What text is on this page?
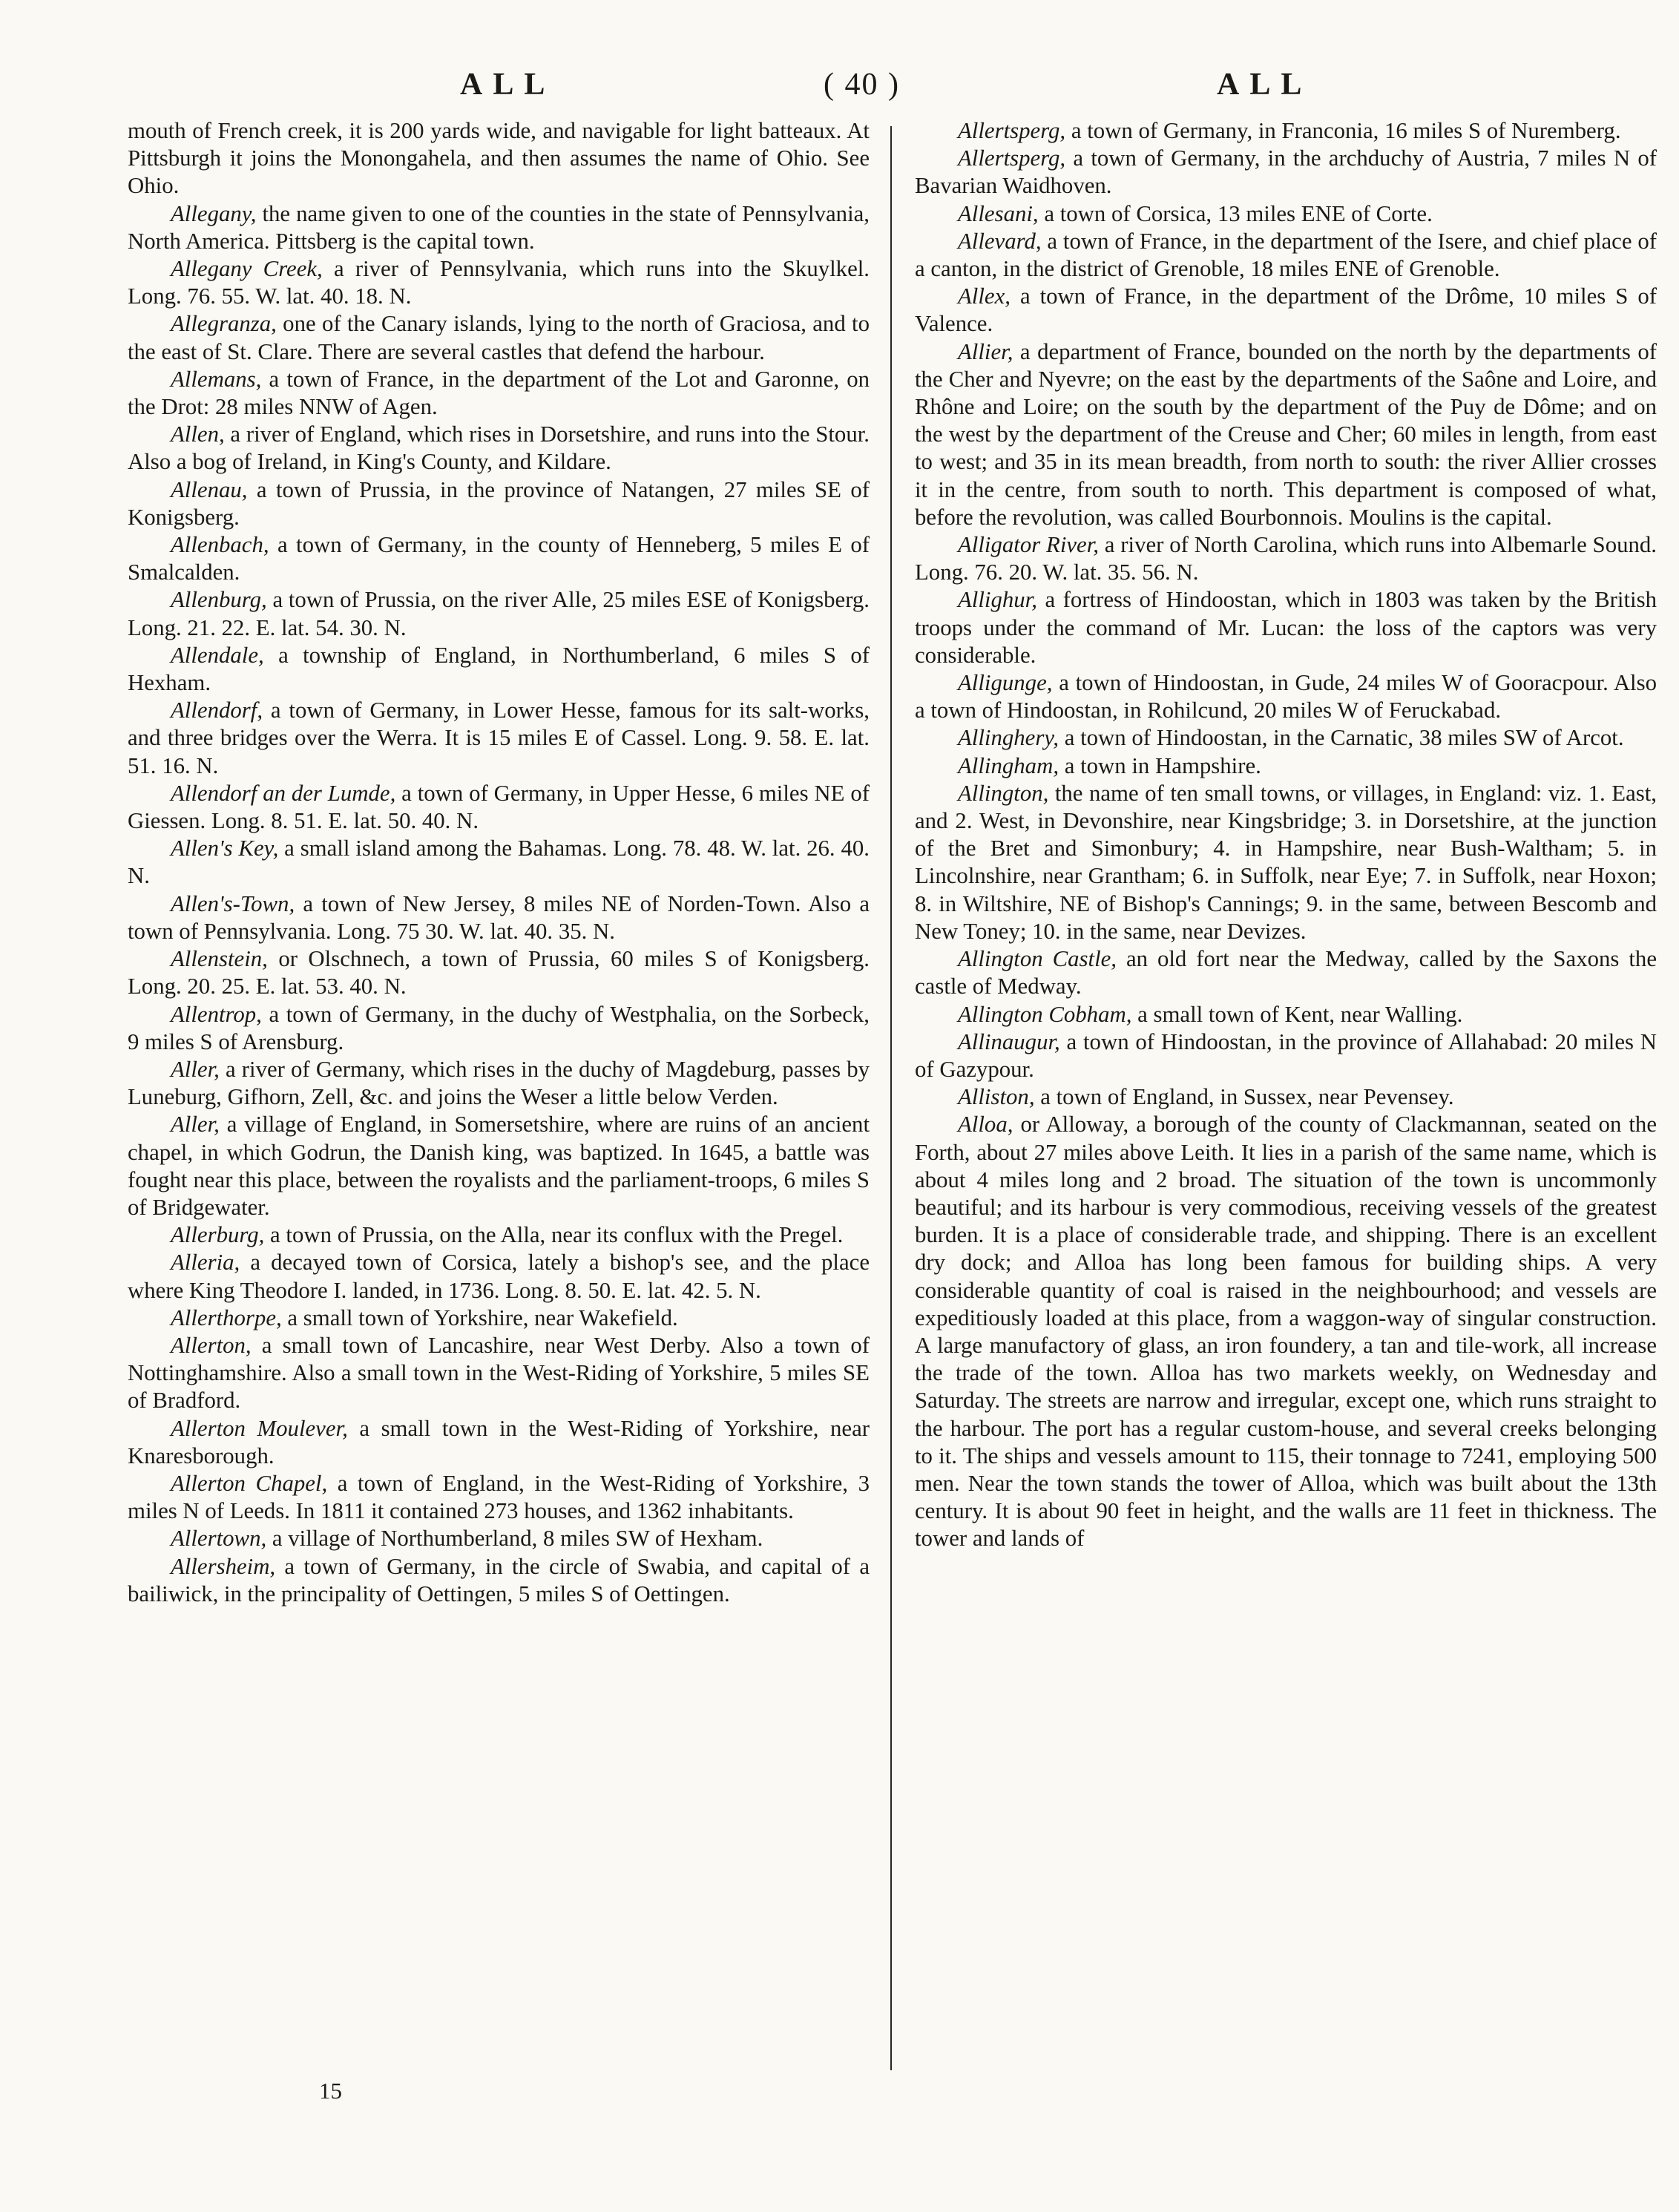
ALL	( 40 )	ALL

mouth of French creek, it is 200 yards wide, and navigable for light batteaux. At Pittsburgh it joins the Monongahela, and then assumes the name of Ohio. See Ohio.

Allegany, the name given to one of the counties in the state of Pennsylvania, North America. Pittsberg is the capital town.

Allegany Creek, a river of Pennsylvania, which runs into the Skuylkel. Long. 76. 55. W. lat. 40. 18. N.

Allegranza, one of the Canary islands, lying to the north of Graciosa, and to the east of St. Clare. There are several castles that defend the harbour.

Allemans, a town of France, in the department of the Lot and Garonne, on the Drot: 28 miles NNW of Agen.

Allen, a river of England, which rises in Dorsetshire, and runs into the Stour. Also a bog of Ireland, in King's County, and Kildare.

Allenau, a town of Prussia, in the province of Natangen, 27 miles SE of Konigsberg.

Allenbach, a town of Germany, in the county of Henneberg, 5 miles E of Smalcalden.

Allenburg, a town of Prussia, on the river Alle, 25 miles ESE of Konigsberg. Long. 21. 22. E. lat. 54. 30. N.

Allendale, a township of England, in Northumberland, 6 miles S of Hexham.

Allendorf, a town of Germany, in Lower Hesse, famous for its salt-works, and three bridges over the Werra. It is 15 miles E of Cassel. Long. 9. 58. E. lat. 51. 16. N.

Allendorf an der Lumde, a town of Germany, in Upper Hesse, 6 miles NE of Giessen. Long. 8. 51. E. lat. 50. 40. N.

Allen's Key, a small island among the Bahamas. Long. 78. 48. W. lat. 26. 40. N.

Allen's-Town, a town of New Jersey, 8 miles NE of Norden-Town. Also a town of Pennsylvania. Long. 75 30. W. lat. 40. 35. N.

Allenstein, or Olschnech, a town of Prussia, 60 miles S of Konigsberg. Long. 20. 25. E. lat. 53. 40. N.

Allentrop, a town of Germany, in the duchy of Westphalia, on the Sorbeck, 9 miles S of Arensburg.

Aller, a river of Germany, which rises in the duchy of Magdeburg, passes by Luneburg, Gifhorn, Zell, &c. and joins the Weser a little below Verden.

Aller, a village of England, in Somersetshire, where are ruins of an ancient chapel, in which Godrun, the Danish king, was baptized. In 1645, a battle was fought near this place, between the royalists and the parliament-troops, 6 miles S of Bridgewater.

Allerburg, a town of Prussia, on the Alla, near its conflux with the Pregel.

Alleria, a decayed town of Corsica, lately a bishop's see, and the place where King Theodore I. landed, in 1736. Long. 8. 50. E. lat. 42. 5. N.

Allerthorpe, a small town of Yorkshire, near Wakefield.

Allerton, a small town of Lancashire, near West Derby. Also a town of Nottinghamshire. Also a small town in the West-Riding of Yorkshire, 5 miles SE of Bradford.

Allerton Moulever, a small town in the West-Riding of Yorkshire, near Knaresborough.

Allerton Chapel, a town of England, in the West-Riding of Yorkshire, 3 miles N of Leeds. In 1811 it contained 273 houses, and 1362 inhabitants.

Allertown, a village of Northumberland, 8 miles SW of Hexham.

Allersheim, a town of Germany, in the circle of Swabia, and capital of a bailiwick, in the principality of Oettingen, 5 miles S of Oettingen.

Allertsperg, a town of Germany, in Franconia, 16 miles S of Nuremberg.

Allertsperg, a town of Germany, in the archduchy of Austria, 7 miles N of Bavarian Waidhoven.

Allesani, a town of Corsica, 13 miles ENE of Corte.

Allevard, a town of France, in the department of the Isere, and chief place of a canton, in the district of Grenoble, 18 miles ENE of Grenoble.

Allex, a town of France, in the department of the Drôme, 10 miles S of Valence.

Allier, a department of France, bounded on the north by the departments of the Cher and Nyevre; on the east by the departments of the Saône and Loire, and Rhône and Loire; on the south by the department of the Puy de Dôme; and on the west by the department of the Creuse and Cher; 60 miles in length, from east to west; and 35 in its mean breadth, from north to south: the river Allier crosses it in the centre, from south to north. This department is composed of what, before the revolution, was called Bourbonnois. Moulins is the capital.

Alligator River, a river of North Carolina, which runs into Albemarle Sound. Long. 76. 20. W. lat. 35. 56. N.

Allighur, a fortress of Hindoostan, which in 1803 was taken by the British troops under the command of Mr. Lucan: the loss of the captors was very considerable.

Alligunge, a town of Hindoostan, in Gude, 24 miles W of Gooracpour. Also a town of Hindoostan, in Rohilcund, 20 miles W of Feruckabad.

Allinghery, a town of Hindoostan, in the Carnatic, 38 miles SW of Arcot.

Allingham, a town in Hampshire.

Allington, the name of ten small towns, or villages, in England: viz. 1. East, and 2. West, in Devonshire, near Kingsbridge; 3. in Dorsetshire, at the junction of the Bret and Simonbury; 4. in Hampshire, near Bush-Waltham; 5. in Lincolnshire, near Grantham; 6. in Suffolk, near Eye; 7. in Suffolk, near Hoxon; 8. in Wiltshire, NE of Bishop's Cannings; 9. in the same, between Bescomb and New Toney; 10. in the same, near Devizes.

Allington Castle, an old fort near the Medway, called by the Saxons the castle of Medway.

Allington Cobham, a small town of Kent, near Walling.

Allinaugur, a town of Hindoostan, in the province of Allahabad: 20 miles N of Gazypour.

Alliston, a town of England, in Sussex, near Pevensey.

Alloa, or Alloway, a borough of the county of Clackmannan, seated on the Forth, about 27 miles above Leith. It lies in a parish of the same name, which is about 4 miles long and 2 broad. The situation of the town is uncommonly beautiful; and its harbour is very commodious, receiving vessels of the greatest burden. It is a place of considerable trade, and shipping. There is an excellent dry dock; and Alloa has long been famous for building ships. A very considerable quantity of coal is raised in the neighbourhood; and vessels are expeditiously loaded at this place, from a waggon-way of singular construction. A large manufactory of glass, an iron foundery, a tan and tile-work, all increase the trade of the town. Alloa has two markets weekly, on Wednesday and Saturday. The streets are narrow and irregular, except one, which runs straight to the harbour. The port has a regular custom-house, and several creeks belonging to it. The ships and vessels amount to 115, their tonnage to 7241, employing 500 men. Near the town stands the tower of Alloa, which was built about the 13th century. It is about 90 feet in height, and the walls are 11 feet in thickness. The tower and lands of

15
